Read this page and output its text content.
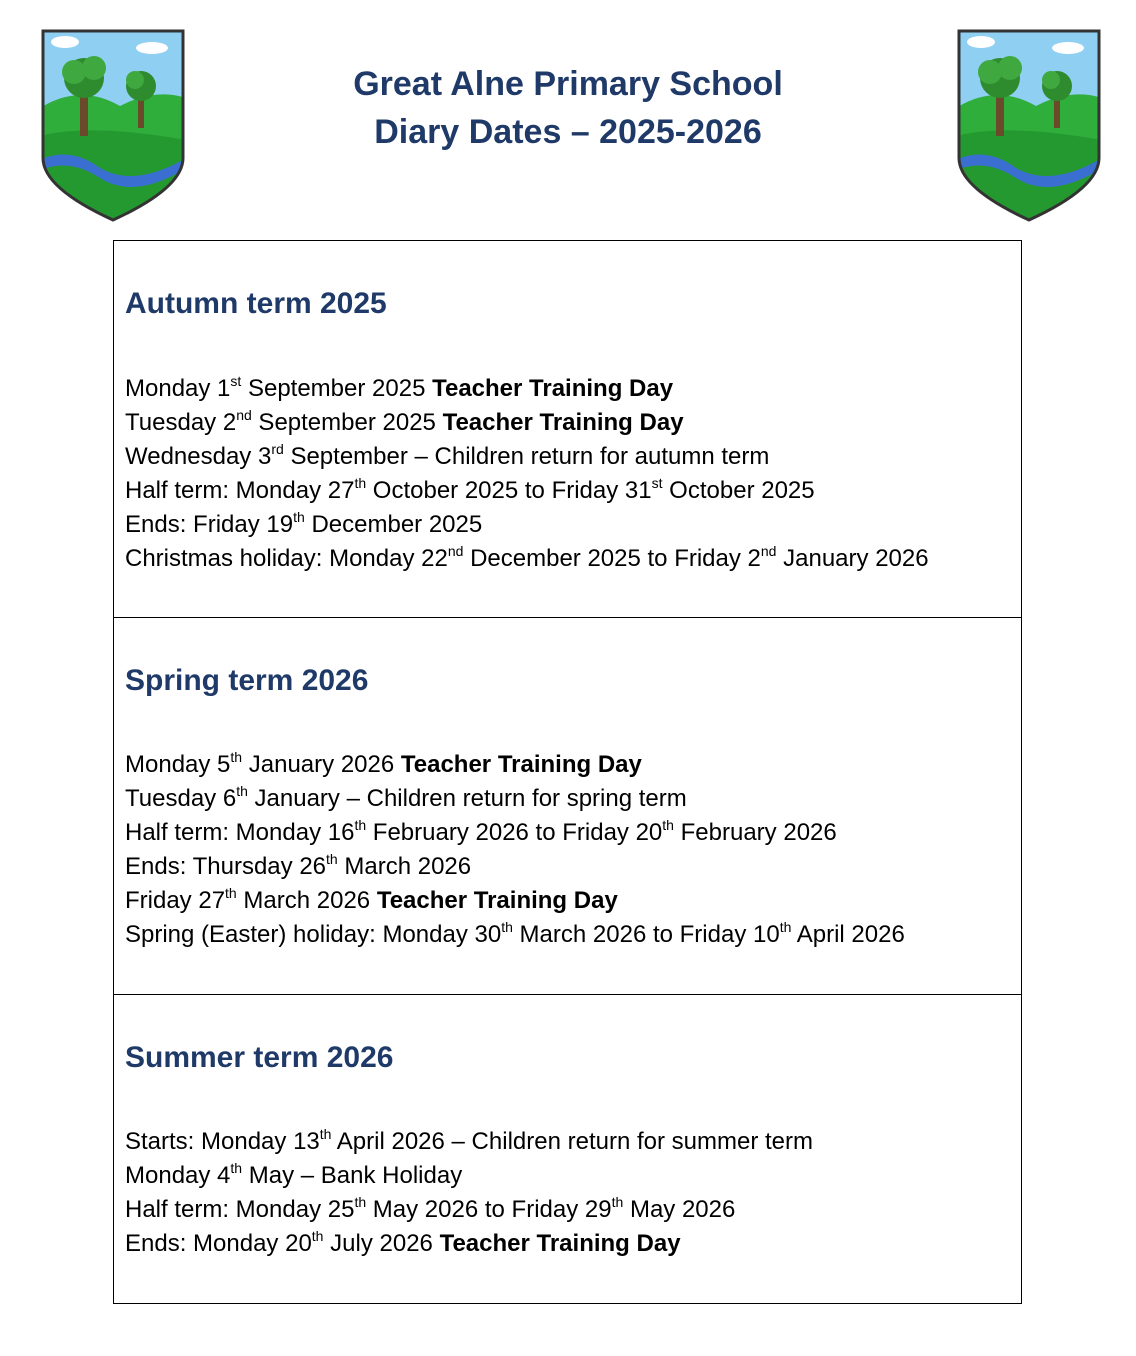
Great Alne Primary School
Diary Dates – 2025-2026
Autumn term 2025
Monday 1st September 2025 Teacher Training Day
Tuesday 2nd September 2025 Teacher Training Day
Wednesday 3rd September – Children return for autumn term
Half term: Monday 27th October 2025 to Friday 31st October 2025
Ends: Friday 19th December 2025
Christmas holiday: Monday 22nd December 2025 to Friday 2nd January 2026
Spring term 2026
Monday 5th January 2026 Teacher Training Day
Tuesday 6th January – Children return for spring term
Half term: Monday 16th February 2026 to Friday 20th February 2026
Ends: Thursday 26th March 2026
Friday 27th March 2026 Teacher Training Day
Spring (Easter) holiday: Monday 30th March 2026 to Friday 10th April 2026
Summer term 2026
Starts: Monday 13th April 2026 – Children return for summer term
Monday 4th May – Bank Holiday
Half term: Monday 25th May 2026 to Friday 29th May 2026
Ends: Monday 20th July 2026 Teacher Training Day
